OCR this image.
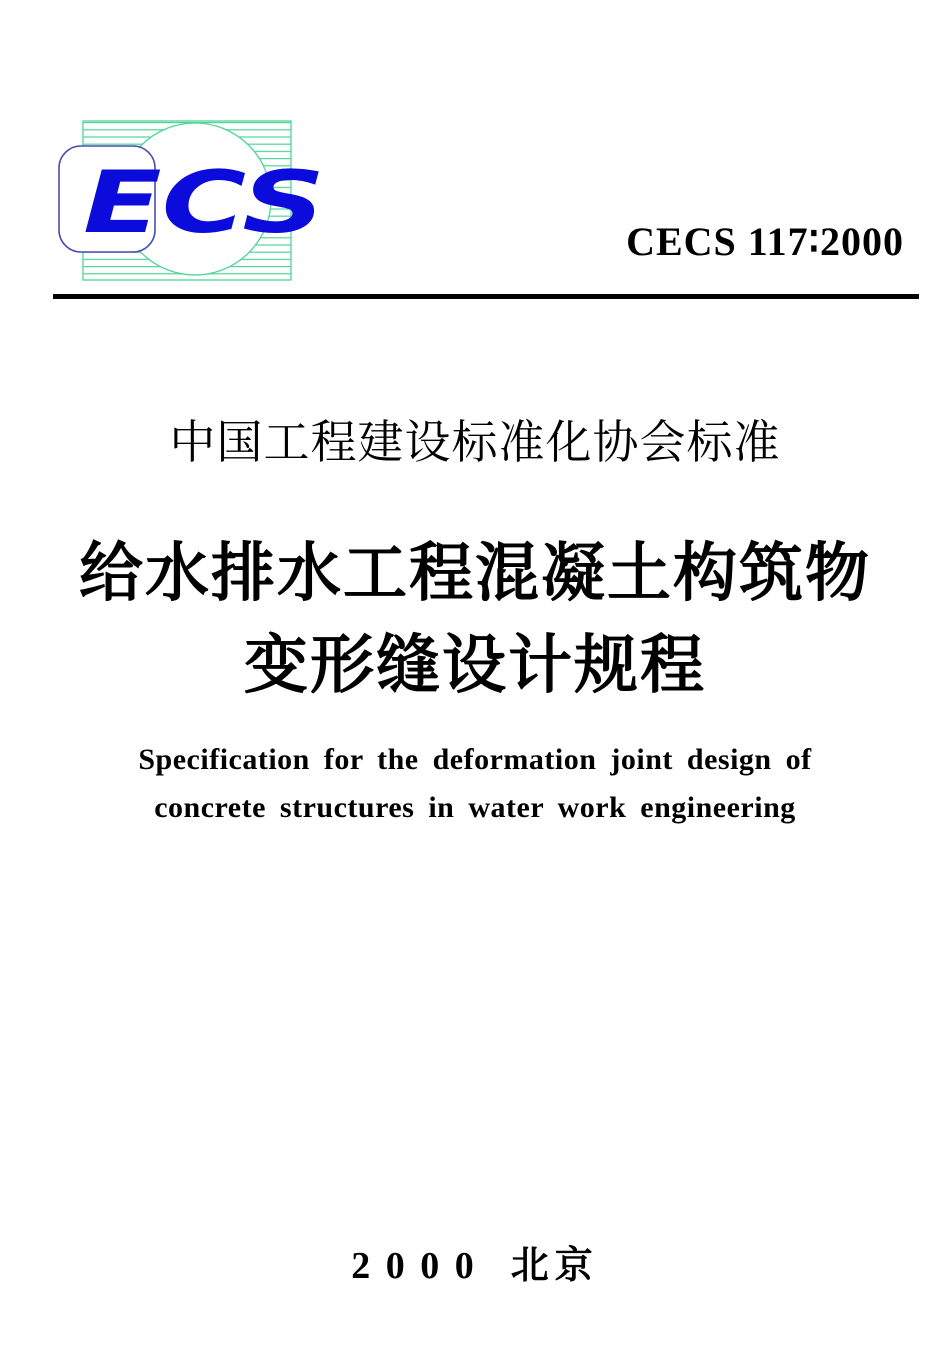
ECS	CECS 117∶2000
中国工程建设标准化协会标准
给水排水工程混凝土构筑物
变形缝设计规程
Specification for the deformation joint design of
concrete structures in water work engineering
2 0 0 0 北京
